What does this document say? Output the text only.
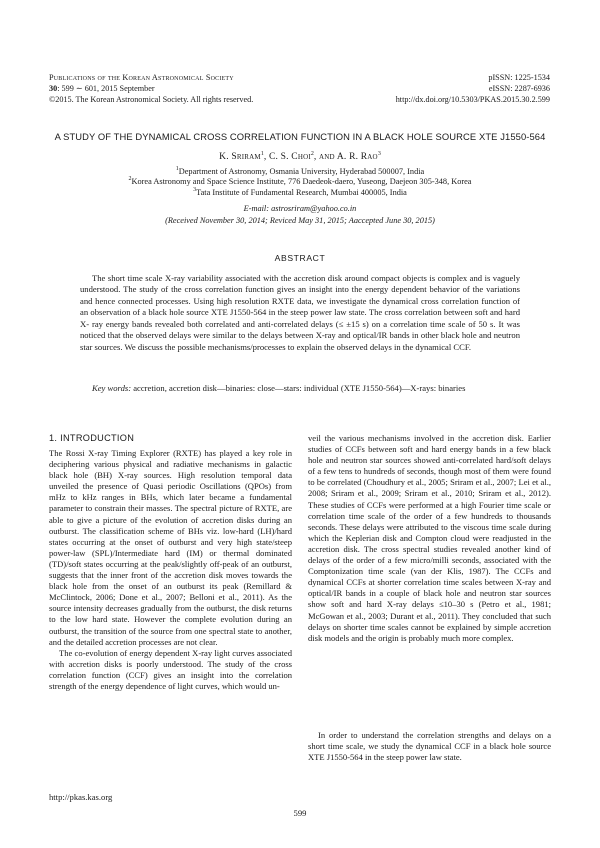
Publications of the Korean Astronomical Society
30: 599 ∼ 601, 2015 September
©2015. The Korean Astronomical Society. All rights reserved.
pISSN: 1225-1534
eISSN: 2287-6936
http://dx.doi.org/10.5303/PKAS.2015.30.2.599
A STUDY OF THE DYNAMICAL CROSS CORRELATION FUNCTION IN A BLACK HOLE SOURCE XTE J1550-564
K. Sriram$^1$, C. S. Choi$^2$, and A. R. Rao$^3$
$^1$Department of Astronomy, Osmania University, Hyderabad 500007, India
$^2$Korea Astronomy and Space Science Institute, 776 Daedeok-daero, Yuseong, Daejeon 305-348, Korea
$^3$Tata Institute of Fundamental Research, Mumbai 400005, India
E-mail: astrosriram@yahoo.co.in
(Received November 30, 2014; Reviced May 31, 2015; Aaccepted June 30, 2015)
ABSTRACT

The short time scale X-ray variability associated with the accretion disk around compact objects is complex and is vaguely understood. The study of the cross correlation function gives an insight into the energy dependent behavior of the variations and hence connected processes. Using high resolution RXTE data, we investigate the dynamical cross correlation function of an observation of a black hole source XTE J1550-564 in the steep power law state. The cross correlation between soft and hard X- ray energy bands revealed both correlated and anti-correlated delays (≤ ±15 s) on a correlation time scale of 50 s. It was noticed that the observed delays were similar to the delays between X-ray and optical/IR bands in other black hole and neutron star sources. We discuss the possible mechanisms/processes to explain the observed delays in the dynamical CCF.

Key words: accretion, accretion disk—binaries: close—stars: individual (XTE J1550-564)—X-rays: binaries

1. INTRODUCTION

The Rossi X-ray Timing Explorer (RXTE) has played a key role in deciphering various physical and radiative mechanisms in galactic black hole (BH) X-ray sources. High resolution temporal data unveiled the presence of Quasi periodic Oscillations (QPOs) from mHz to kHz ranges in BHs, which later became a fundamental parameter to constrain their masses. The spectral picture of RXTE, are able to give a picture of the evolution of accretion disks during an outburst. The classification scheme of BHs viz. low-hard (LH)/hard states occurring at the onset of outburst and very high state/steep power-law (SPL)/Intermediate hard (IM) or thermal dominated (TD)/soft states occurring at the peak/slightly off-peak of an outburst, suggests that the inner front of the accretion disk moves towards the black hole from the onset of an outburst its peak (Remillard & McClintock, 2006; Done et al., 2007; Belloni et al., 2011). As the source intensity decreases gradually from the outburst, the disk returns to the low hard state. However the complete evolution during an outburst, the transition of the source from one spectral state to another, and the detailed accretion processes are not clear.

The co-evolution of energy dependent X-ray light curves associated with accretion disks is poorly understood. The study of the cross correlation function (CCF) gives an insight into the correlation strength of the energy dependence of light curves, which would un-

veil the various mechanisms involved in the accretion disk. Earlier studies of CCFs between soft and hard energy bands in a few black hole and neutron star sources showed anti-correlated hard/soft delays of a few tens to hundreds of seconds, though most of them were found to be correlated (Choudhury et al., 2005; Sriram et al., 2007; Lei et al., 2008; Sriram et al., 2009; Sriram et al., 2010; Sriram et al., 2012). These studies of CCFs were performed at a high Fourier time scale or correlation time scale of the order of a few hundreds to thousands seconds. These delays were attributed to the viscous time scale during which the Keplerian disk and Compton cloud were readjusted in the accretion disk. The cross spectral studies revealed another kind of delays of the order of a few micro/milli seconds, associated with the Comptonization time scale (van der Klis, 1987). The CCFs and dynamical CCFs at shorter correlation time scales between X-ray and optical/IR bands in a couple of black hole and neutron star sources show soft and hard X-ray delays ≤10–30 s (Petro et al., 1981; McGowan et al., 2003; Durant et al., 2011). They concluded that such delays on shorter time scales cannot be explained by simple accretion disk models and the origin is probably much more complex.

In order to understand the correlation strengths and delays on a short time scale, we study the dynamical CCF in a black hole source XTE J1550-564 in the steep power law state.

http://pkas.kas.org
599
